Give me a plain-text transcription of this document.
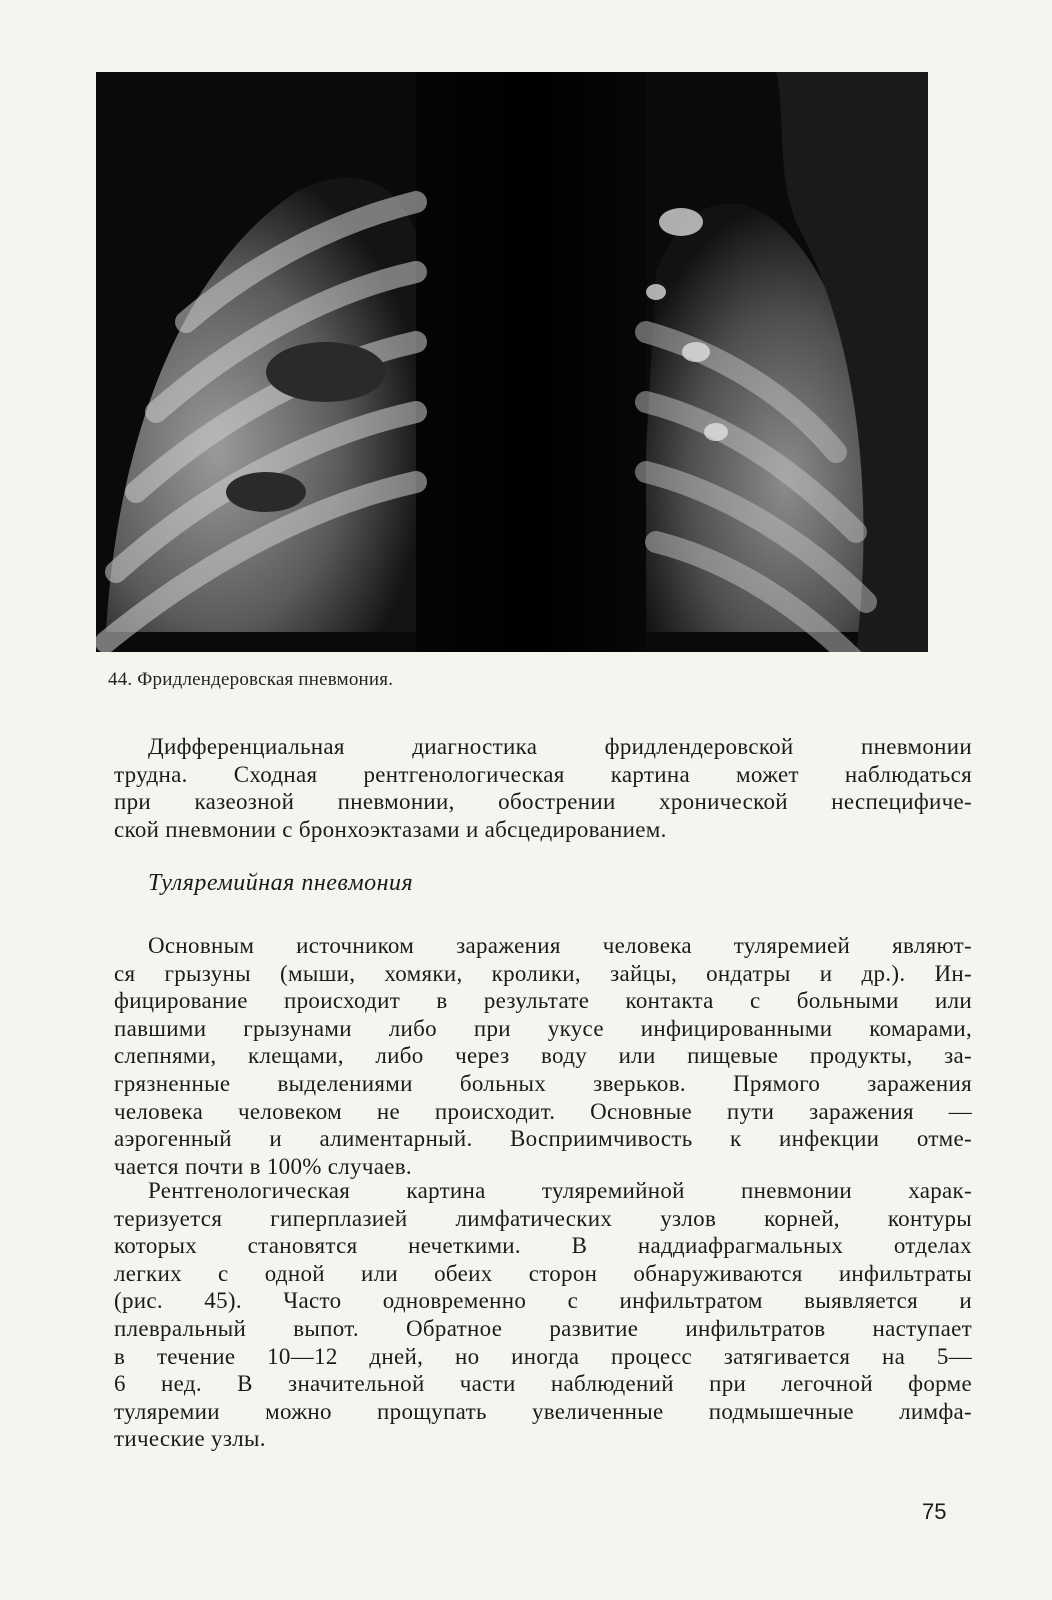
44. Фридлендеровская пневмония.
Дифференциальная диагностика фридлендеровской пневмонии
трудна. Сходная рентгенологическая картина может наблюдаться
при казеозной пневмонии, обострении хронической неспецифиче-
ской пневмонии с бронхоэктазами и абсцедированием.
Туляремийная пневмония
Основным источником заражения человека туляремией являют-
ся грызуны (мыши, хомяки, кролики, зайцы, ондатры и др.). Ин-
фицирование происходит в результате контакта с больными или
павшими грызунами либо при укусе инфицированными комарами,
слепнями, клещами, либо через воду или пищевые продукты, за-
грязненные выделениями больных зверьков. Прямого заражения
человека человеком не происходит. Основные пути заражения —
аэрогенный и алиментарный. Восприимчивость к инфекции отме-
чается почти в 100% случаев.
Рентгенологическая картина туляремийной пневмонии харак-
теризуется гиперплазией лимфатических узлов корней, контуры
которых становятся нечеткими. В наддиафрагмальных отделах
легких с одной или обеих сторон обнаруживаются инфильтраты
(рис. 45). Часто одновременно с инфильтратом выявляется и
плевральный выпот. Обратное развитие инфильтратов наступает
в течение 10—12 дней, но иногда процесс затягивается на 5—
6 нед. В значительной части наблюдений при легочной форме
туляремии можно прощупать увеличенные подмышечные лимфа-
тические узлы.
75
